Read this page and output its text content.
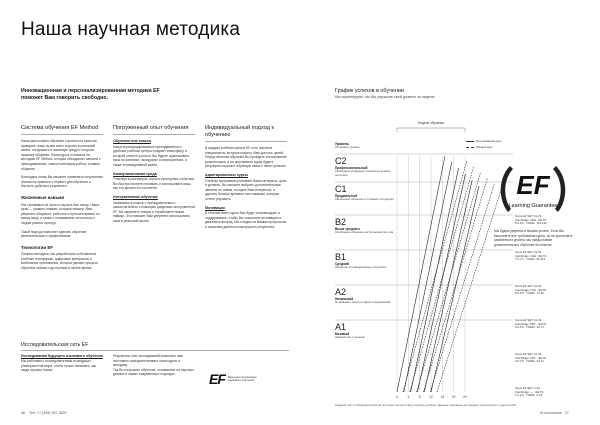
Наша научная методика
Инновационная и персонализированная методика EF поможет Вам говорить свободно.
Система обучения EF Method

Наша философия обучения строится на простом принципе: язык лучше всего изучать в реальной жизни, погружаясь в языковую среду и получая практику общения. Наши курсы основаны на методике EF Method, которая объединяет занятия с преподавателем, самостоятельную работу и живое общение.

Благодаря этому Вы сможете применять полученные знания на практике с первого дня обучения и быстрее добиться результата.

Жизненные навыки

Мы стремимся не просто научить Вас языку. Наша цель — развить навыки, которые помогут Вам уверенно общаться, работать и путешествовать по всему миру, а также с пониманием относиться к людям разных культур.

Такой подход позволяет сделать обучение увлекательным и эффективным.

Технологии EF

Помимо методики, мы разработали собственные учебные платформы, цифровые материалы и мобильные приложения, которые делают процесс обучения гибким и доступным в любое время.

Погруженный опыт обучения
Обучение вне класса

Наши сертифицированные преподаватели и удобные учебные центры создают атмосферу, в которой хочется учиться. Вы будете практиковать язык на занятиях, экскурсиях и мероприятиях, а также в повседневной жизни.

Коммуникативная среда

Участвуя в разговорах, играх и культурных событиях, Вы быстро начнете понимать и использовать язык, как это делают его носители.

Интерактивное обучение

Занимаясь в классе с преподавателем и самостоятельно с помощью цифровых инструментов EF, Вы закрепите знания и отработаете новые навыки. Это поможет Вам уверенно использовать язык в реальной жизни.

Индивидуальный подход к обучению

В каждом учебном центре EF есть опытные специалисты, которые помогут Вам достичь целей. Перед началом обучения Вы пройдете тестирование уровня языка, а на протяжении курса будете регулярно получать обратную связь о своих успехах.

Адаптированные курсы

Учебная программа учитывает Ваши интересы, цели и уровень. Вы сможете выбрать дополнительные занятия по темам, которые Вам интересны, и уделить больше времени тем навыкам, которые хотите улучшить.

Мотивация

В течение всего курса Вас будут сопровождать и поддерживать, чтобы Вы сохраняли мотивацию и двигались вперед. Мы следим за Вашим прогрессом и помогаем добиться наилучшего результата.

Исследовательская сеть EF
Исследования будущего языкового обучения

Мы работаем с исследователями из ведущих университетов мира, чтобы лучше понимать, как люди изучают языки.

Результаты этих исследований помогают нам постоянно совершенствовать наши курсы и методику.

Так Вы получаете обучение, основанное на научных данных и самых современных подходах.	EF Ведущая организация языкового обучения
36 Тел: +7 (495) 937 3820	ef.com/ru/ese 37
График успехов в обучении
Мы гарантируем, что Вы улучшите свой уровень за неделю
0	4	8	12 16 20 24
Недели обучения
Уровень
Описание уровня
C2
Профессиональный
Свободное владение языком на уровне носителя
C1
Продвинутый
Уверенное общение в сложных ситуациях
B2
Выше среднего
Свободное общение на большинство тем
B1
Средний
Общение в повседневных ситуациях
A2
Начальный
Понимание простых фраз и выражений
A1
Базовый
Знакомство с языком
Интенсивный курс
Общий курс
Score EF SET: 61-70 · Cambridge: CPE · IELTS: 8.0-9.0 · TOEFL: 115-120
Score EF SET: 51-60 · Cambridge: CAE · IELTS: 7.0-7.5 · TOEFL: 95-114
Score EF SET: 41-50 · Cambridge: FCE · IELTS: 5.5-6.5 · TOEFL: 72-94
Score EF SET: 31-40 · Cambridge: PET · IELTS: 4.0-5.0 · TOEFL: 42-71
Score EF SET: 21-30 · Cambridge: KET · IELTS: 3.0-3.5 · TOEFL: 32-41
Score EF SET: 1-20 · Cambridge: — · IELTS: 1.0-2.5 · TOEFL: 0-31
EF
Learning Guarantee
Мы будем уверены в Вашем успехе. Если Вы выполните все требования курса, но не достигнете заявленного уровня, мы предоставим дополнительное обучение бесплатно.
Каждый шаг в Общеевропейской системе соответствует одному уровню. Данные основаны на средних результатах студентов EF.
